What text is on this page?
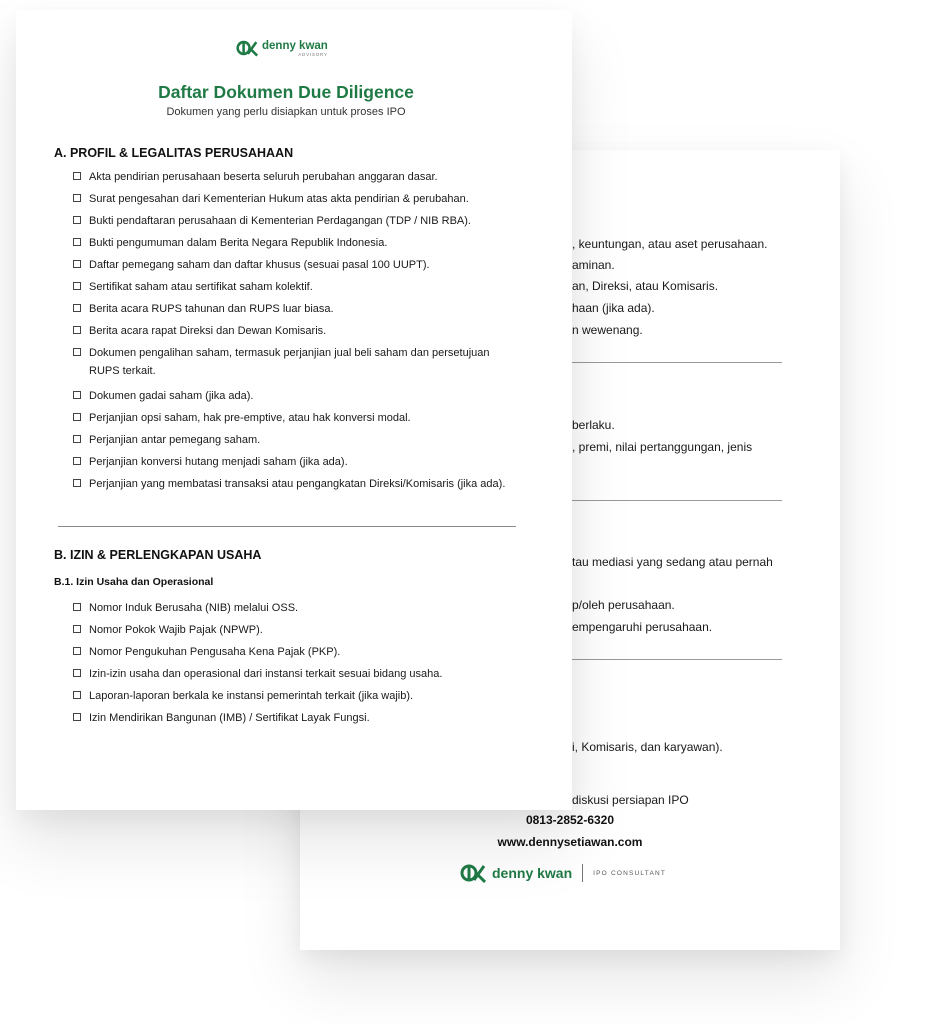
, keuntungan, atau aset perusahaan.
aminan.
an, Direksi, atau Komisaris.
haan (jika ada).
n wewenang.
berlaku.
, premi, nilai pertanggungan, jenis
tau mediasi yang sedang atau pernah
p/oleh perusahaan.
empengaruhi perusahaan.
i, Komisaris, dan karyawan).
diskusi persiapan IPO
0813-2852-6320
www.dennysetiawan.com
denny kwan	IPO CONSULTANT
denny kwan
ADVISORY
Daftar Dokumen Due Diligence
Dokumen yang perlu disiapkan untuk proses IPO
A. PROFIL & LEGALITAS PERUSAHAAN
Akta pendirian perusahaan beserta seluruh perubahan anggaran dasar.
Surat pengesahan dari Kementerian Hukum atas akta pendirian & perubahan.
Bukti pendaftaran perusahaan di Kementerian Perdagangan (TDP / NIB RBA).
Bukti pengumuman dalam Berita Negara Republik Indonesia.
Daftar pemegang saham dan daftar khusus (sesuai pasal 100 UUPT).
Sertifikat saham atau sertifikat saham kolektif.
Berita acara RUPS tahunan dan RUPS luar biasa.
Berita acara rapat Direksi dan Dewan Komisaris.
Dokumen pengalihan saham, termasuk perjanjian jual beli saham dan persetujuan RUPS terkait.
Dokumen gadai saham (jika ada).
Perjanjian opsi saham, hak pre-emptive, atau hak konversi modal.
Perjanjian antar pemegang saham.
Perjanjian konversi hutang menjadi saham (jika ada).
Perjanjian yang membatasi transaksi atau pengangkatan Direksi/Komisaris (jika ada).
B. IZIN & PERLENGKAPAN USAHA
B.1. Izin Usaha dan Operasional
Nomor Induk Berusaha (NIB) melalui OSS.
Nomor Pokok Wajib Pajak (NPWP).
Nomor Pengukuhan Pengusaha Kena Pajak (PKP).
Izin-izin usaha dan operasional dari instansi terkait sesuai bidang usaha.
Laporan-laporan berkala ke instansi pemerintah terkait (jika wajib).
Izin Mendirikan Bangunan (IMB) / Sertifikat Layak Fungsi.
